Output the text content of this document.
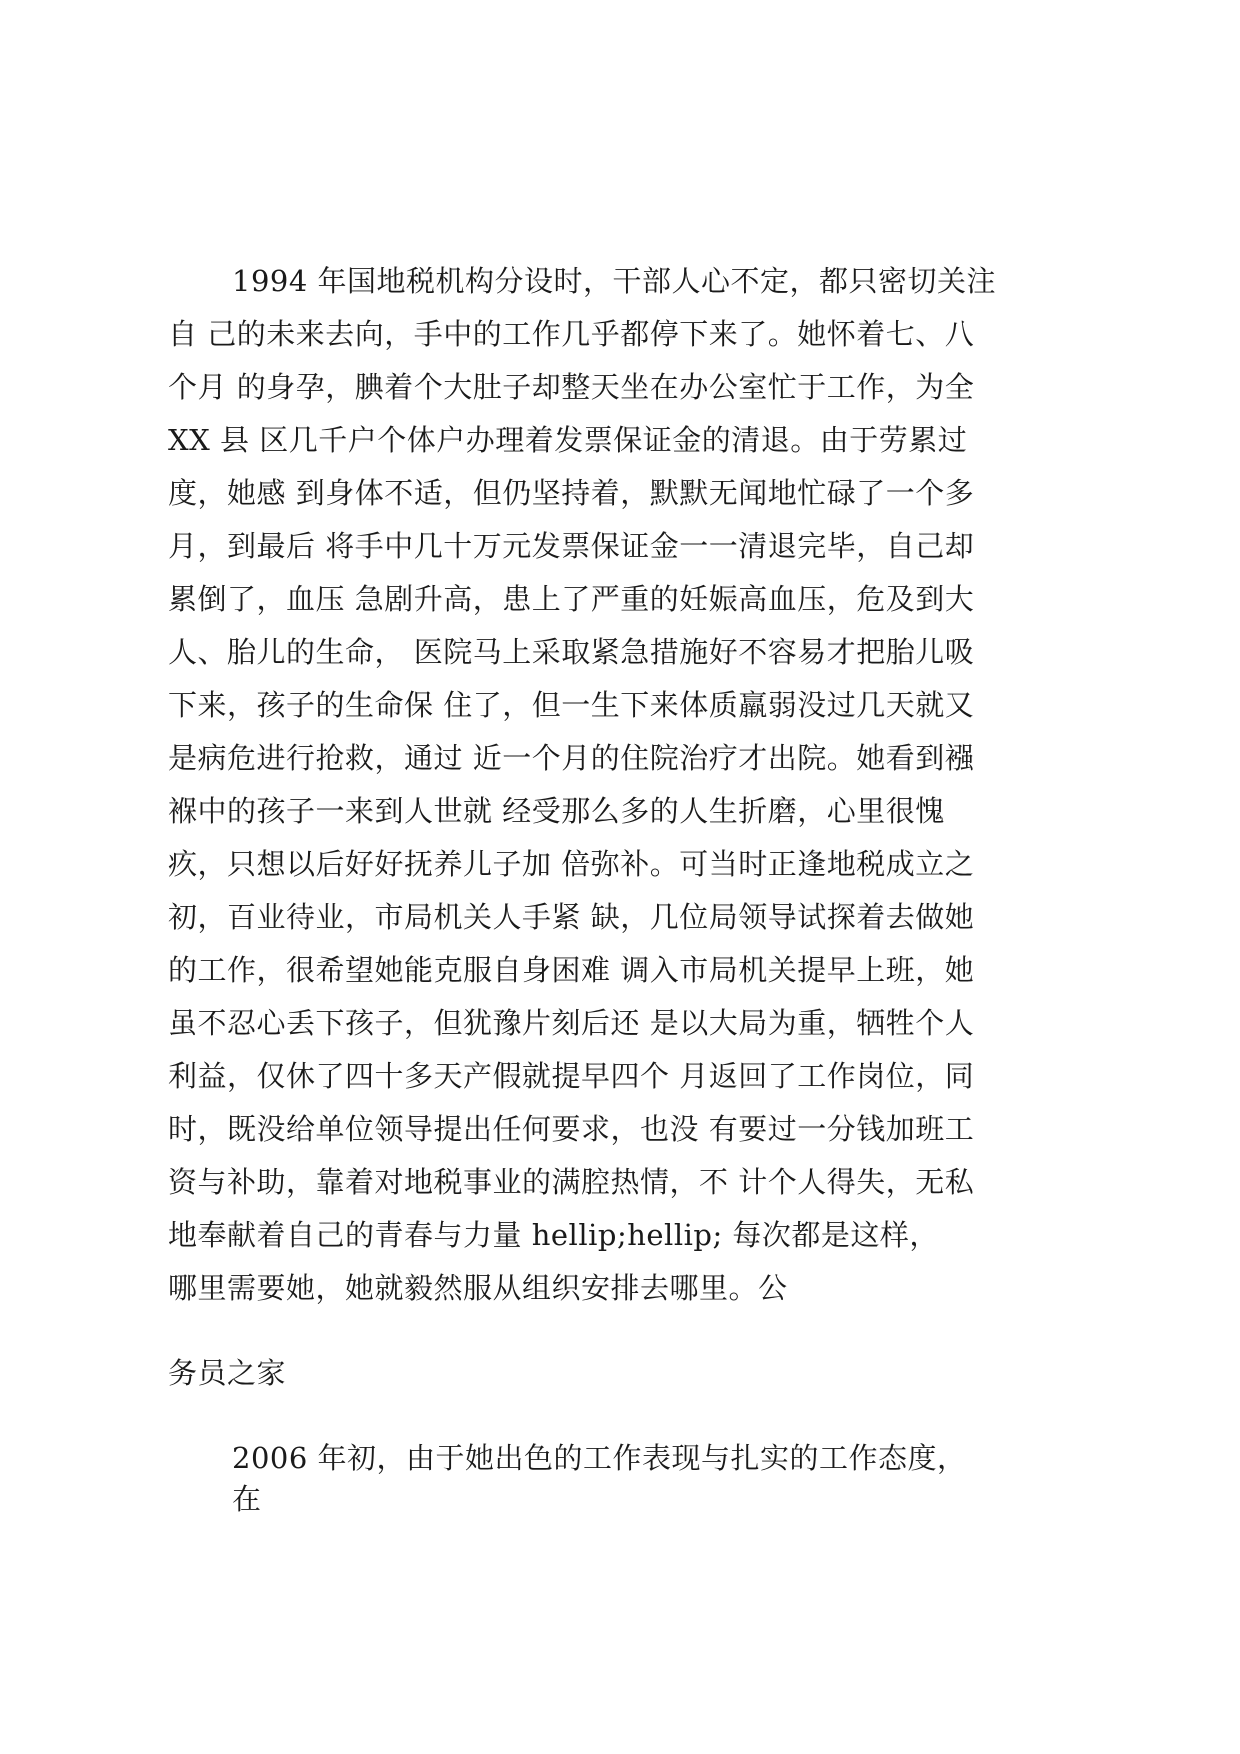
1994 年国地税机构分设时，干部人心不定，都只密切关注
自 己的未来去向，手中的工作几乎都停下来了。她怀着七、八
个月 的身孕，腆着个大肚子却整天坐在办公室忙于工作，为全
XX 县 区几千户个体户办理着发票保证金的清退。由于劳累过
度，她感 到身体不适，但仍坚持着，默默无闻地忙碌了一个多
月，到最后 将手中几十万元发票保证金一一清退完毕，自己却
累倒了，血压 急剧升高，患上了严重的妊娠高血压，危及到大
人、胎儿的生命， 医院马上采取紧急措施好不容易才把胎儿吸
下来，孩子的生命保 住了，但一生下来体质羸弱没过几天就又
是病危进行抢救，通过 近一个月的住院治疗才出院。她看到襁
褓中的孩子一来到人世就 经受那么多的人生折磨，心里很愧
疚，只想以后好好抚养儿子加 倍弥补。可当时正逢地税成立之
初，百业待业，市局机关人手紧 缺，几位局领导试探着去做她
的工作，很希望她能克服自身困难 调入市局机关提早上班，她
虽不忍心丢下孩子，但犹豫片刻后还 是以大局为重，牺牲个人
利益，仅休了四十多天产假就提早四个 月返回了工作岗位，同
时，既没给单位领导提出任何要求，也没 有要过一分钱加班工
资与补助，靠着对地税事业的满腔热情，不 计个人得失，无私
地奉献着自己的青春与力量 hellip;hellip; 每次都是这样，
哪里需要她，她就毅然服从组织安排去哪里。公
务员之家
2006 年初，由于她出色的工作表现与扎实的工作态度，
在
